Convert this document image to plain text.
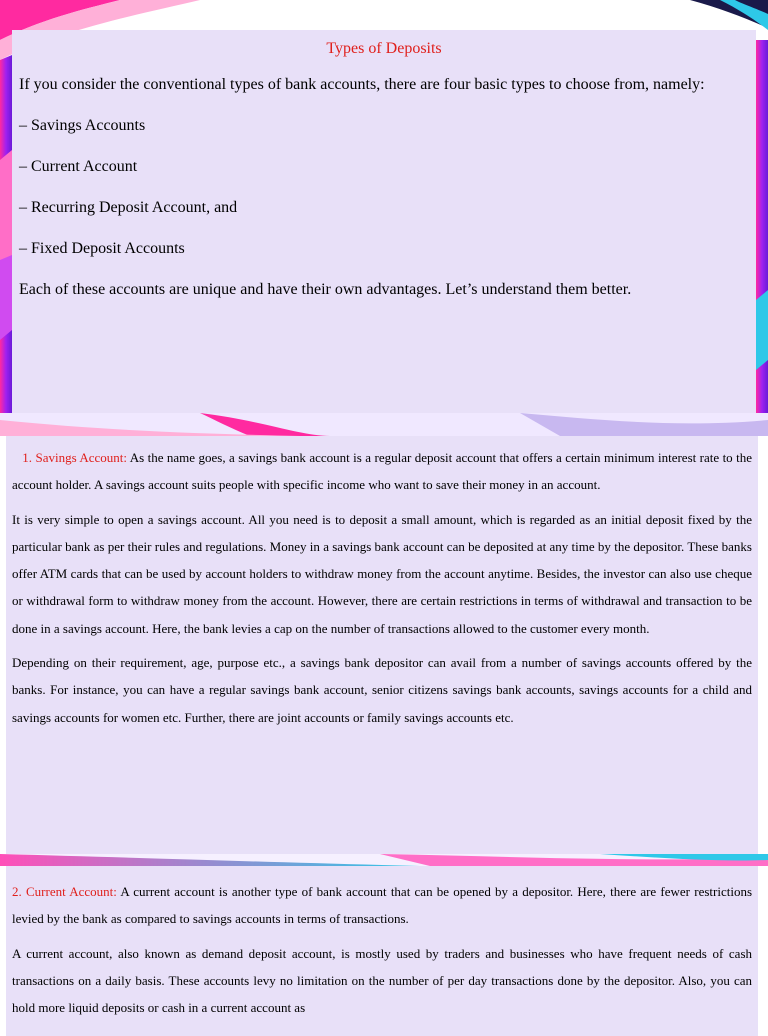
Types of Deposits

If you consider the conventional types of bank accounts, there are four basic types to choose from, namely:

– Savings Accounts

– Current Account

– Recurring Deposit Account, and

– Fixed Deposit Accounts

Each of these accounts are unique and have their own advantages. Let’s understand them better.

1. Savings Account: As the name goes, a savings bank account is a regular deposit account that offers a certain minimum interest rate to the account holder. A savings account suits people with specific income who want to save their money in an account.

It is very simple to open a savings account. All you need is to deposit a small amount, which is regarded as an initial deposit fixed by the particular bank as per their rules and regulations. Money in a savings bank account can be deposited at any time by the depositor. These banks offer ATM cards that can be used by account holders to withdraw money from the account anytime. Besides, the investor can also use cheque or withdrawal form to withdraw money from the account. However, there are certain restrictions in terms of withdrawal and transaction to be done in a savings account. Here, the bank levies a cap on the number of transactions allowed to the customer every month.

Depending on their requirement, age, purpose etc., a savings bank depositor can avail from a number of savings accounts offered by the banks. For instance, you can have a regular savings bank account, senior citizens savings bank accounts, savings accounts for a child and savings accounts for women etc. Further, there are joint accounts or family savings accounts etc.

2. Current Account: A current account is another type of bank account that can be opened by a depositor. Here, there are fewer restrictions levied by the bank as compared to savings accounts in terms of transactions.

A current account, also known as demand deposit account, is mostly used by traders and businesses who have frequent needs of cash transactions on a daily basis. These accounts levy no limitation on the number of per day transactions done by the depositor. Also, you can hold more liquid deposits or cash in a current account as
